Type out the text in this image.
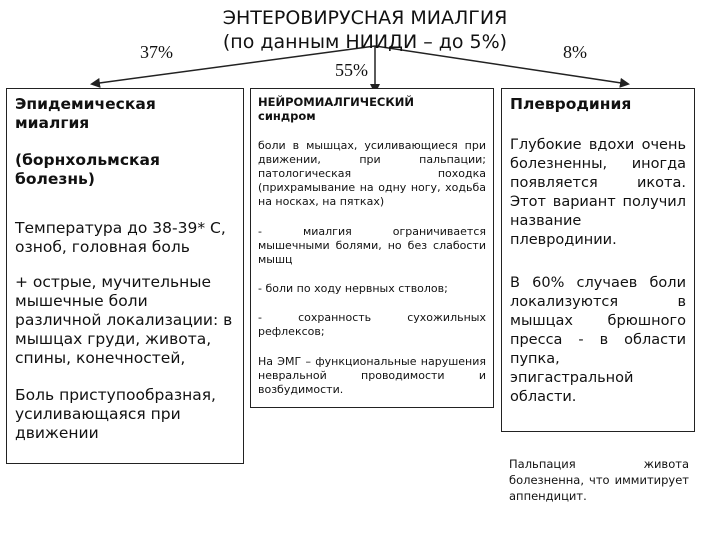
ЭНТЕРОВИРУСНАЯ МИАЛГИЯ
(по данным НИИДИ – до 5%)
37%
55%
8%

Эпидемическая миалгия

(борнхольмская болезнь)

Температура до 38-39* С, озноб, головная боль

+ острые, мучительные мышечные боли различной локализации: в мышцах груди, живота, спины, конечностей,

Боль приступообразная, усиливающаяся при движении

НЕЙРОМИАЛГИЧЕСКИЙ синдром

боли в мышцах, усиливающиеся при движении, при пальпации; патологическая походка (прихрамывание на одну ногу, ходьба на носках, на пятках)

- миалгия ограничивается мышечными болями, но без слабости мышц

- боли по ходу нервных стволов;

- сохранность сухожильных рефлексов;

На ЭМГ – функциональные нарушения невральной проводимости и возбудимости.

Плевродиния

Глубокие вдохи очень болезненны, иногда появляется икота. Этот вариант получил название плевродинии.

В 60% случаев боли локализуются в мышцах брюшного пресса - в области пупка, эпигастральной области.

Пальпация живота болезненна, что иммитирует аппендицит.
